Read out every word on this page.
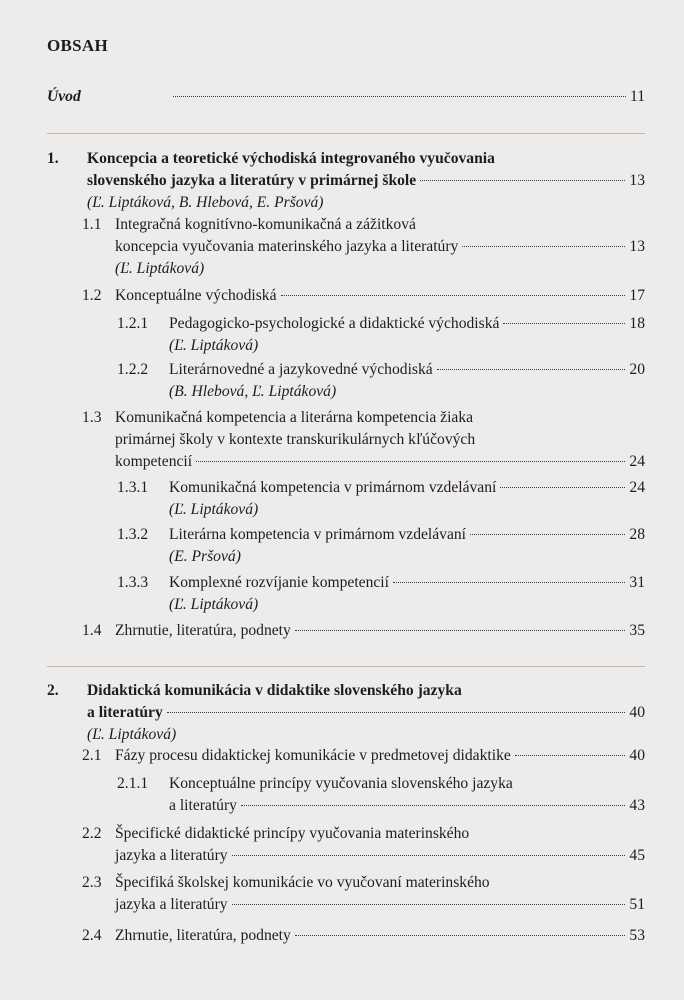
OBSAH
Úvod	11
1. Koncepcia a teoretické východiská integrovaného vyučovania
slovenského jazyka a literatúry v primárnej škole	13
(Ľ. Liptáková, B. Hlebová, E. Pršová)
1.1 Integračná kognitívno-komunikačná a zážitková
koncepcia vyučovania materinského jazyka a literatúry	13
(Ľ. Liptáková)
1.2 Konceptuálne východiská	17
1.2.1 Pedagogicko-psychologické a didaktické východiská	18
(Ľ. Liptáková)
1.2.2 Literárnovedné a jazykovedné východiská	20
(B. Hlebová, Ľ. Liptáková)
1.3 Komunikačná kompetencia a literárna kompetencia žiaka
primárnej školy v kontexte transkurikulárnych kľúčových
kompetencií	24
1.3.1 Komunikačná kompetencia v primárnom vzdelávaní	24
(Ľ. Liptáková)
1.3.2 Literárna kompetencia v primárnom vzdelávaní	28
(E. Pršová)
1.3.3 Komplexné rozvíjanie kompetencií	31
(Ľ. Liptáková)
1.4 Zhrnutie, literatúra, podnety	35
2. Didaktická komunikácia v didaktike slovenského jazyka
a literatúry	40
(Ľ. Liptáková)
2.1 Fázy procesu didaktickej komunikácie v predmetovej didaktike	40
2.1.1 Konceptuálne princípy vyučovania slovenského jazyka
a literatúry	43
2.2 Špecifické didaktické princípy vyučovania materinského
jazyka a literatúry	45
2.3 Špecifiká školskej komunikácie vo vyučovaní materinského
jazyka a literatúry	51
2.4 Zhrnutie, literatúra, podnety	53
